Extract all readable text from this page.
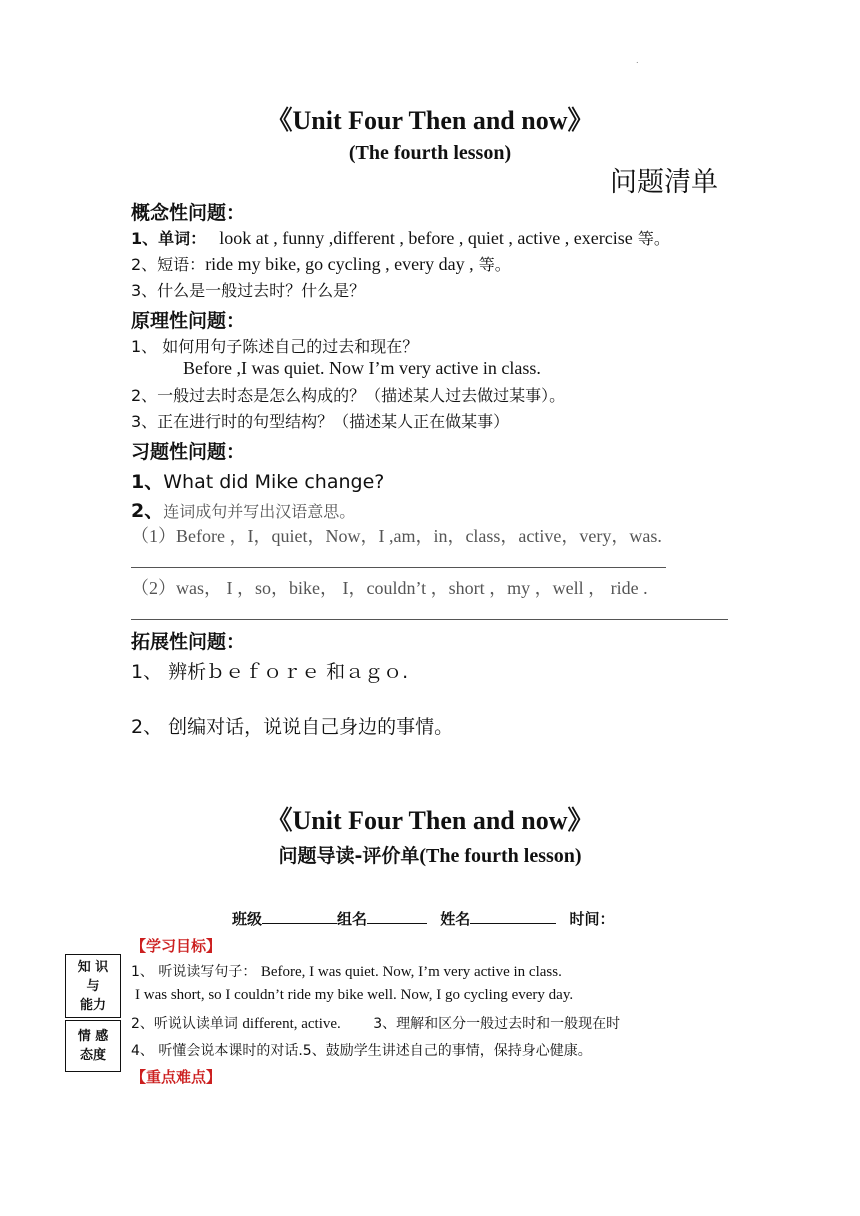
.
《Unit Four Then and now》
(The fourth lesson)
问题清单
概念性问题：
1、单词： look at , funny ,different , before , quiet , active , exercise 等。
2、短语：ride my bike, go cycling , every day , 等。
3、什么是一般过去时？什么是？
原理性问题：
1、 如何用句子陈述自己的过去和现在？
Before ,I was quiet. Now I’m very active in class.
2、一般过去时态是怎么构成的？（描述某人过去做过某事）。
3、正在进行时的句型结构？（描述某人正在做某事）
习题性问题：
1、What did Mike change?
2、连词成句并写出汉语意思。
（1）Before ，I，quiet，Now，I ,am，in，class，active，very，was.
（2）was， I ，so，bike， I，couldn’t ，short ，my ，well ， ride .
拓展性问题：
1、 辨析ｂｅｆｏｒｅ 和ａｇｏ.
2、 创编对话，说说自己身边的事情。
《Unit Four Then and now》
问题导读-评价单(The fourth lesson)
班级	组名	姓名	时间：
【学习目标】
知 识
与
能力
情 感
态度
1、 听说读写句子： Before, I was quiet. Now, I’m very active in class.
I was short, so I couldn’t ride my bike well. Now, I go cycling every day.
2、听说认读单词 different, active. 3、理解和区分一般过去时和一般现在时
4、 听懂会说本课时的对话.5、鼓励学生讲述自己的事情，保持身心健康。
【重点难点】
